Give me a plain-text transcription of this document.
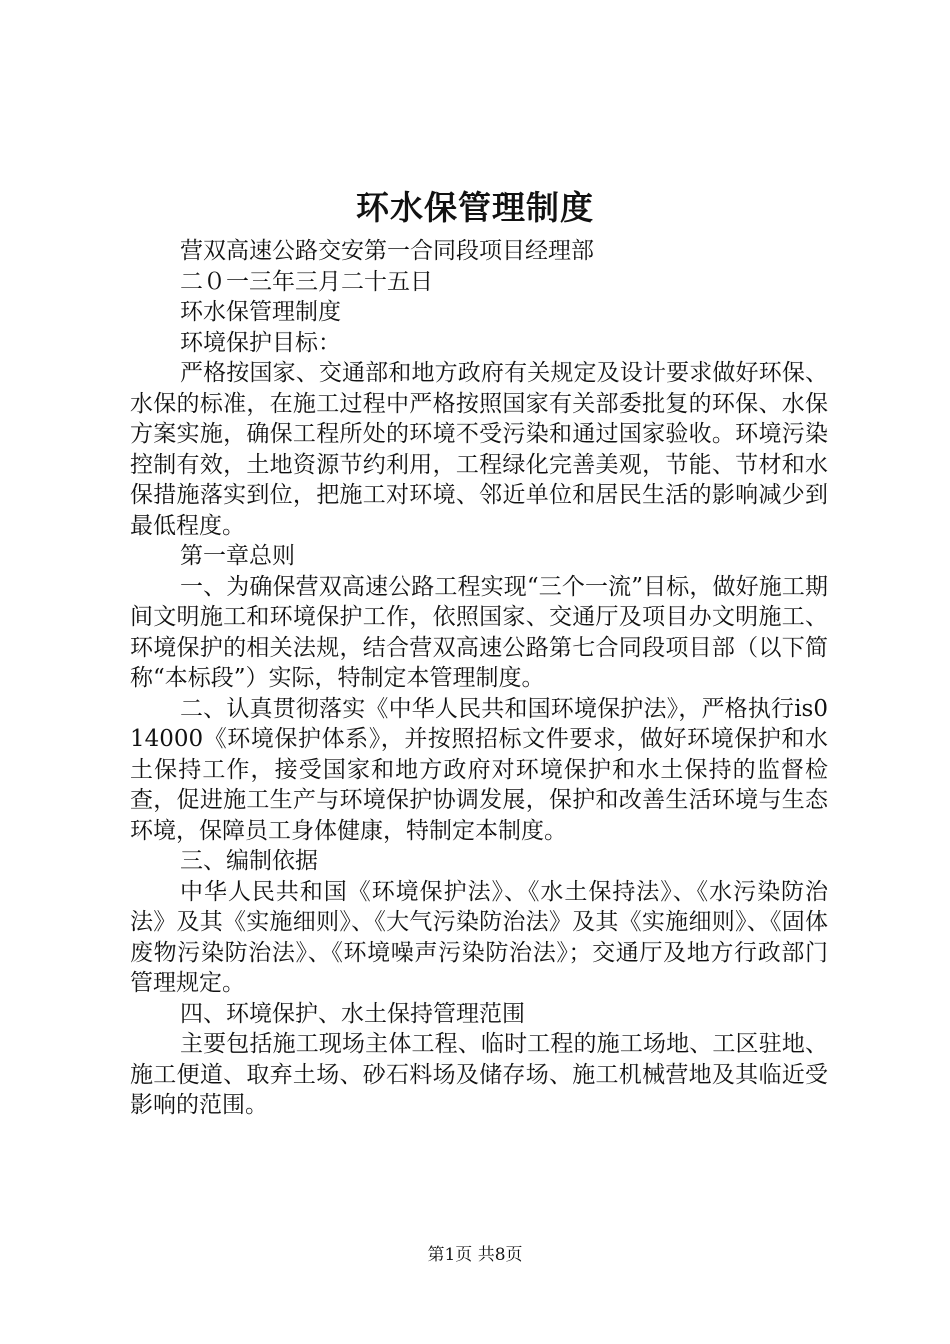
环水保管理制度

营双高速公路交安第一合同段项目经理部

二０一三年三月二十五日

环水保管理制度

环境保护目标：

严格按国家、交通部和地方政府有关规定及设计要求做好环保、水保的标准，在施工过程中严格按照国家有关部委批复的环保、水保方案实施，确保工程所处的环境不受污染和通过国家验收。环境污染控制有效，土地资源节约利用，工程绿化完善美观，节能、节材和水保措施落实到位，把施工对环境、邻近单位和居民生活的影响减少到最低程度。

第一章总则

一、为确保营双高速公路工程实现“三个一流”目标，做好施工期间文明施工和环境保护工作，依照国家、交通厅及项目办文明施工、环境保护的相关法规，结合营双高速公路第七合同段项目部（以下简称“本标段”）实际，特制定本管理制度。

二、认真贯彻落实《中华人民共和国环境保护法》，严格执行is014000《环境保护体系》，并按照招标文件要求，做好环境保护和水土保持工作，接受国家和地方政府对环境保护和水土保持的监督检查，促进施工生产与环境保护协调发展，保护和改善生活环境与生态环境，保障员工身体健康，特制定本制度。

三、编制依据

中华人民共和国《环境保护法》、《水土保持法》、《水污染防治法》及其《实施细则》、《大气污染防治法》及其《实施细则》、《固体废物污染防治法》、《环境噪声污染防治法》；交通厅及地方行政部门管理规定。

四、环境保护、水土保持管理范围

主要包括施工现场主体工程、临时工程的施工场地、工区驻地、施工便道、取弃土场、砂石料场及储存场、施工机械营地及其临近受影响的范围。

第1页 共8页
